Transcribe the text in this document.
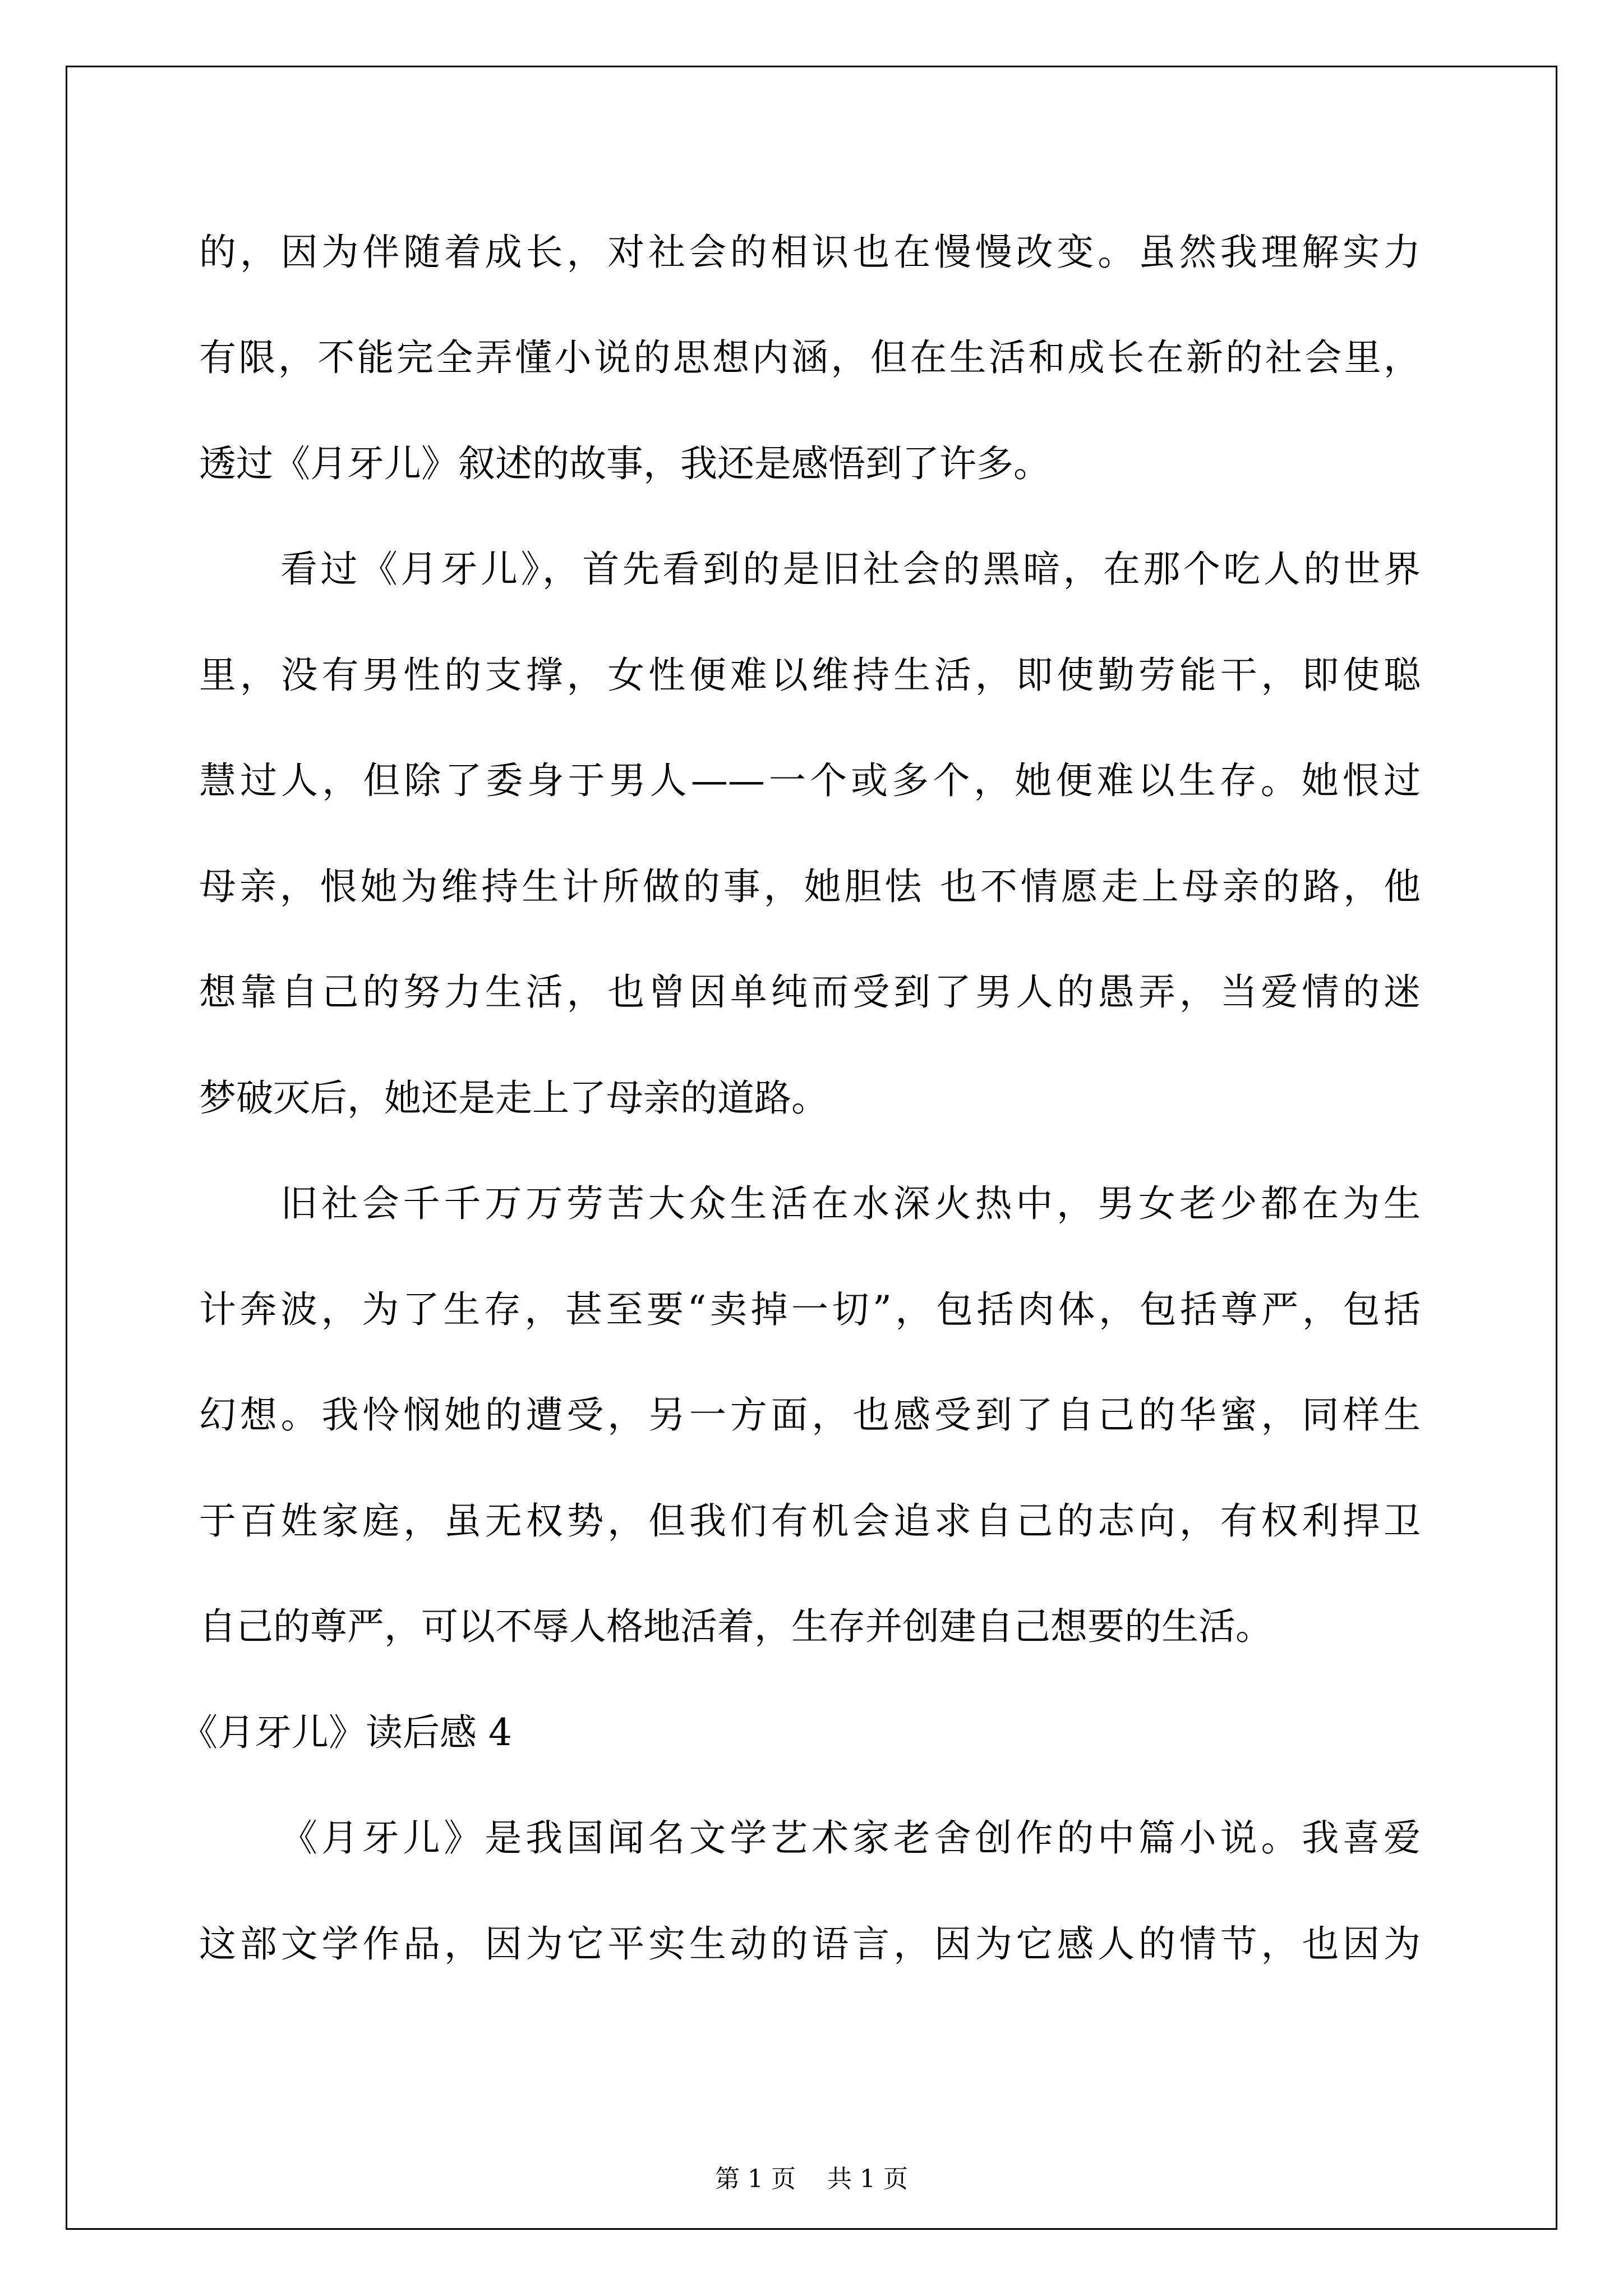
的，因为伴随着成长，对社会的相识也在慢慢改变。虽然我理解实力
有限，不能完全弄懂小说的思想内涵，但在生活和成长在新的社会里，
透过《月牙儿》叙述的故事，我还是感悟到了许多。
看过《月牙儿》，首先看到的是旧社会的黑暗，在那个吃人的世界
里，没有男性的支撑，女性便难以维持生活，即使勤劳能干，即使聪
慧过人，但除了委身于男人——一个或多个，她便难以生存。她恨过
母亲，恨她为维持生计所做的事，她胆怯 也不情愿走上母亲的路，他
想靠自己的努力生活，也曾因单纯而受到了男人的愚弄，当爱情的迷
梦破灭后，她还是走上了母亲的道路。
旧社会千千万万劳苦大众生活在水深火热中，男女老少都在为生
计奔波，为了生存，甚至要“卖掉一切”，包括肉体，包括尊严，包括
幻想。我怜悯她的遭受，另一方面，也感受到了自己的华蜜，同样生
于百姓家庭，虽无权势，但我们有机会追求自己的志向，有权利捍卫
自己的尊严，可以不辱人格地活着，生存并创建自己想要的生活。
《月牙儿》读后感 4
《月牙儿》是我国闻名文学艺术家老舍创作的中篇小说。我喜爱
这部文学作品，因为它平实生动的语言，因为它感人的情节，也因为
第 1 页 共 1 页
